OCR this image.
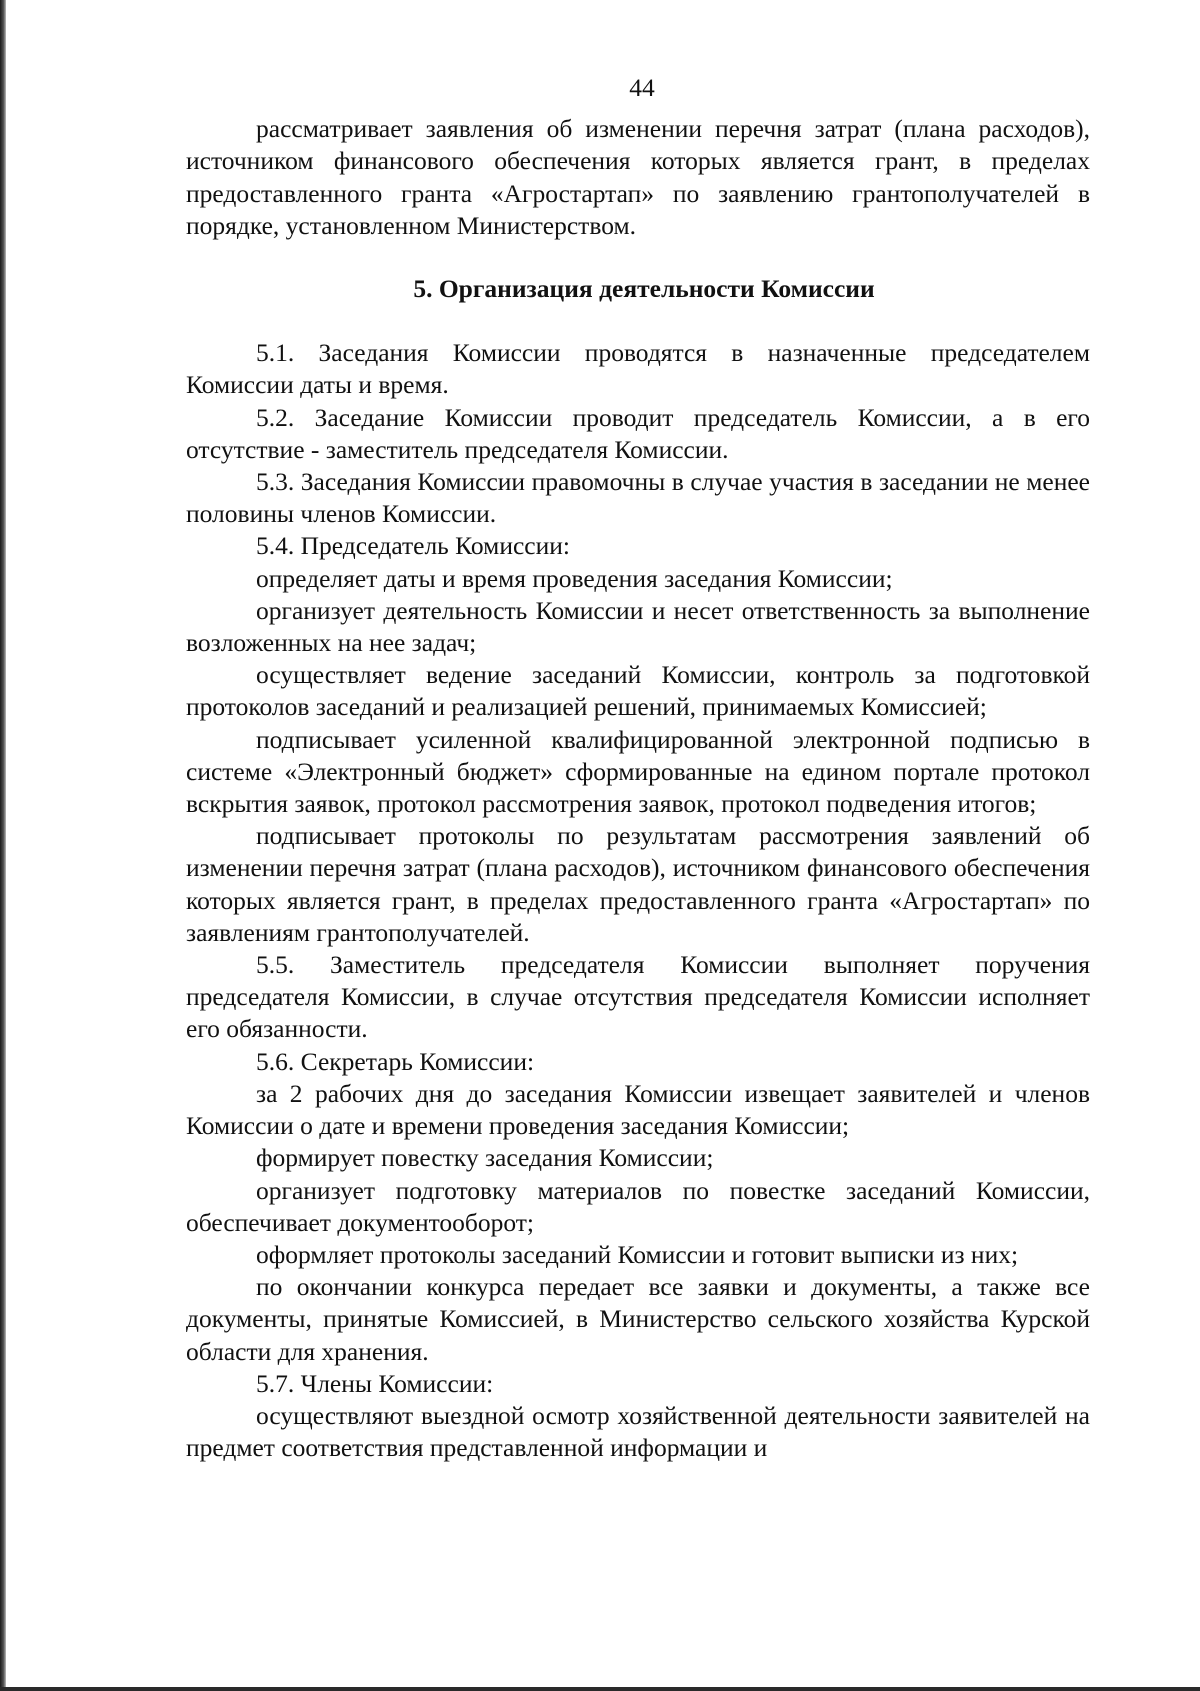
44

рассматривает заявления об изменении перечня затрат (плана расходов), источником финансового обеспечения которых является грант, в пределах предоставленного гранта «Агростартап» по заявлению грантополучателей в порядке, установленном Министерством.

5. Организация деятельности Комиссии

5.1. Заседания Комиссии проводятся в назначенные председателем Комиссии даты и время.

5.2. Заседание Комиссии проводит председатель Комиссии, а в его отсутствие - заместитель председателя Комиссии.

5.3. Заседания Комиссии правомочны в случае участия в заседании не менее половины членов Комиссии.

5.4. Председатель Комиссии:

определяет даты и время проведения заседания Комиссии;

организует деятельность Комиссии и несет ответственность за выполнение возложенных на нее задач;

осуществляет ведение заседаний Комиссии, контроль за подготовкой протоколов заседаний и реализацией решений, принимаемых Комиссией;

подписывает усиленной квалифицированной электронной подписью в системе «Электронный бюджет» сформированные на едином портале протокол вскрытия заявок, протокол рассмотрения заявок, протокол подведения итогов;

подписывает протоколы по результатам рассмотрения заявлений об изменении перечня затрат (плана расходов), источником финансового обеспечения которых является грант, в пределах предоставленного гранта «Агростартап» по заявлениям грантополучателей.

5.5. Заместитель председателя Комиссии выполняет поручения председателя Комиссии, в случае отсутствия председателя Комиссии исполняет его обязанности.

5.6. Секретарь Комиссии:

за 2 рабочих дня до заседания Комиссии извещает заявителей и членов Комиссии о дате и времени проведения заседания Комиссии;

формирует повестку заседания Комиссии;

организует подготовку материалов по повестке заседаний Комиссии, обеспечивает документооборот;

оформляет протоколы заседаний Комиссии и готовит выписки из них;

по окончании конкурса передает все заявки и документы, а также все документы, принятые Комиссией, в Министерство сельского хозяйства Курской области для хранения.

5.7. Члены Комиссии:

осуществляют выездной осмотр хозяйственной деятельности заявителей на предмет соответствия представленной информации и
